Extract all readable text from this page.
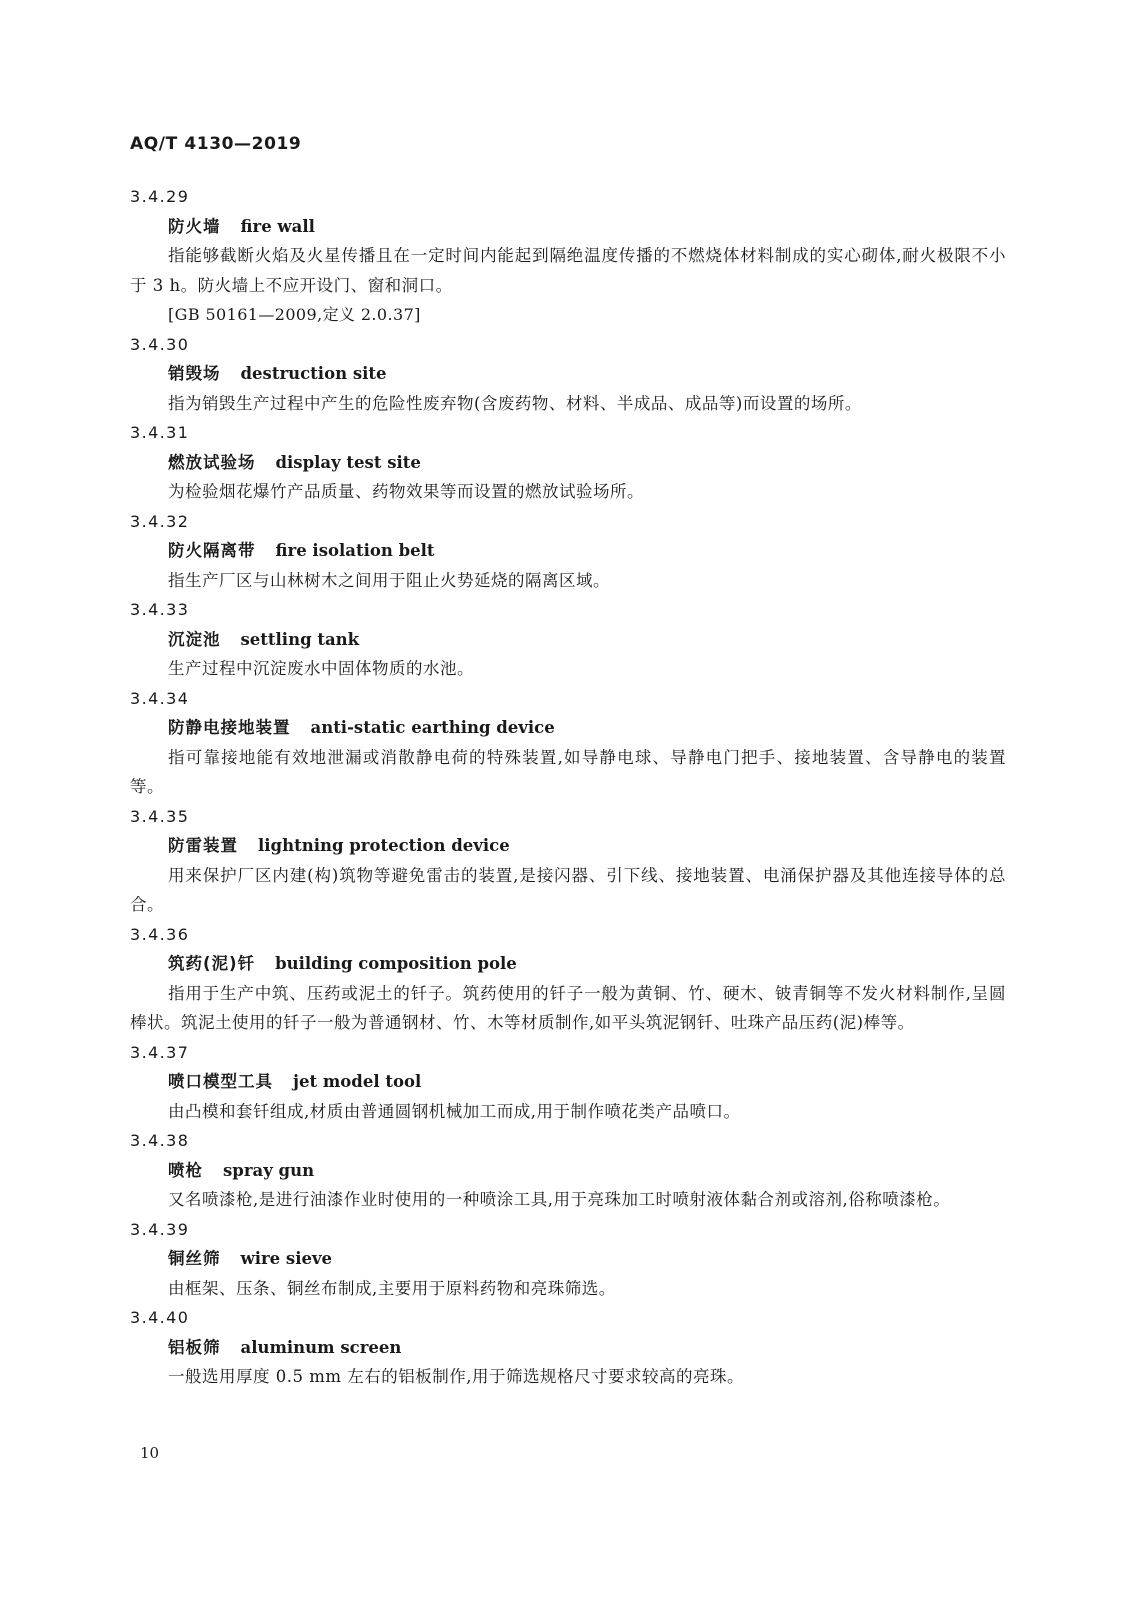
AQ/T 4130—2019
3.4.29
防火墙 fire wall

指能够截断火焰及火星传播且在一定时间内能起到隔绝温度传播的不燃烧体材料制成的实心砌体,耐火极限不小于 3 h。防火墙上不应开设门、窗和洞口。

[GB 50161—2009,定义 2.0.37]
3.4.30
销毁场 destruction site

指为销毁生产过程中产生的危险性废弃物(含废药物、材料、半成品、成品等)而设置的场所。

3.4.31
燃放试验场 display test site

为检验烟花爆竹产品质量、药物效果等而设置的燃放试验场所。

3.4.32
防火隔离带 fire isolation belt

指生产厂区与山林树木之间用于阻止火势延烧的隔离区域。

3.4.33
沉淀池 settling tank

生产过程中沉淀废水中固体物质的水池。

3.4.34
防静电接地装置 anti-static earthing device

指可靠接地能有效地泄漏或消散静电荷的特殊装置,如导静电球、导静电门把手、接地装置、含导静电的装置等。

3.4.35
防雷装置 lightning protection device

用来保护厂区内建(构)筑物等避免雷击的装置,是接闪器、引下线、接地装置、电涌保护器及其他连接导体的总合。

3.4.36
筑药(泥)钎 building composition pole

指用于生产中筑、压药或泥土的钎子。筑药使用的钎子一般为黄铜、竹、硬木、铍青铜等不发火材料制作,呈圆棒状。筑泥土使用的钎子一般为普通钢材、竹、木等材质制作,如平头筑泥钢钎、吐珠产品压药(泥)棒等。

3.4.37
喷口模型工具 jet model tool

由凸模和套钎组成,材质由普通圆钢机械加工而成,用于制作喷花类产品喷口。

3.4.38
喷枪 spray gun

又名喷漆枪,是进行油漆作业时使用的一种喷涂工具,用于亮珠加工时喷射液体黏合剂或溶剂,俗称喷漆枪。

3.4.39
铜丝筛 wire sieve

由框架、压条、铜丝布制成,主要用于原料药物和亮珠筛选。

3.4.40
铝板筛 aluminum screen

一般选用厚度 0.5 mm 左右的铝板制作,用于筛选规格尺寸要求较高的亮珠。

10
